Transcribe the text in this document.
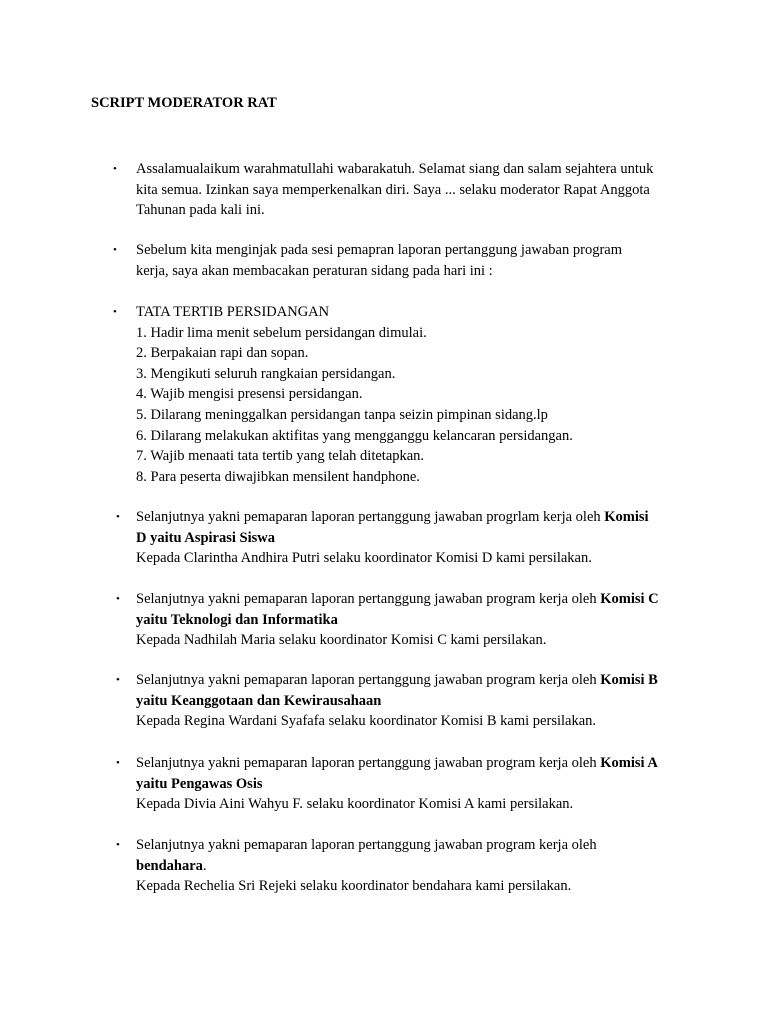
SCRIPT MODERATOR RAT
•	Assalamualaikum warahmatullahi wabarakatuh. Selamat siang dan salam sejahtera untuk
kita semua. Izinkan saya memperkenalkan diri. Saya ... selaku moderator Rapat Anggota
Tahunan pada kali ini.
•	Sebelum kita menginjak pada sesi pemapran laporan pertanggung jawaban program
kerja, saya akan membacakan peraturan sidang pada hari ini :
•	TATA TERTIB PERSIDANGAN
1. Hadir lima menit sebelum persidangan dimulai.
2. Berpakaian rapi dan sopan.
3. Mengikuti seluruh rangkaian persidangan.
4. Wajib mengisi presensi persidangan.
5. Dilarang meninggalkan persidangan tanpa seizin pimpinan sidang.lp
6. Dilarang melakukan aktifitas yang mengganggu kelancaran persidangan.
7. Wajib menaati tata tertib yang telah ditetapkan.
8. Para peserta diwajibkan mensilent handphone.
•	Selanjutnya yakni pemaparan laporan pertanggung jawaban progrlam kerja oleh Komisi
D yaitu Aspirasi Siswa
Kepada Clarintha Andhira Putri selaku koordinator Komisi D kami persilakan.
•	Selanjutnya yakni pemaparan laporan pertanggung jawaban program kerja oleh Komisi C
yaitu Teknologi dan Informatika
Kepada Nadhilah Maria selaku koordinator Komisi C kami persilakan.
•	Selanjutnya yakni pemaparan laporan pertanggung jawaban program kerja oleh Komisi B
yaitu Keanggotaan dan Kewirausahaan
Kepada Regina Wardani Syafafa selaku koordinator Komisi B kami persilakan.
•	Selanjutnya yakni pemaparan laporan pertanggung jawaban program kerja oleh Komisi A
yaitu Pengawas Osis
Kepada Divia Aini Wahyu F. selaku koordinator Komisi A kami persilakan.
•	Selanjutnya yakni pemaparan laporan pertanggung jawaban program kerja oleh
bendahara.
Kepada Rechelia Sri Rejeki selaku koordinator bendahara kami persilakan.
